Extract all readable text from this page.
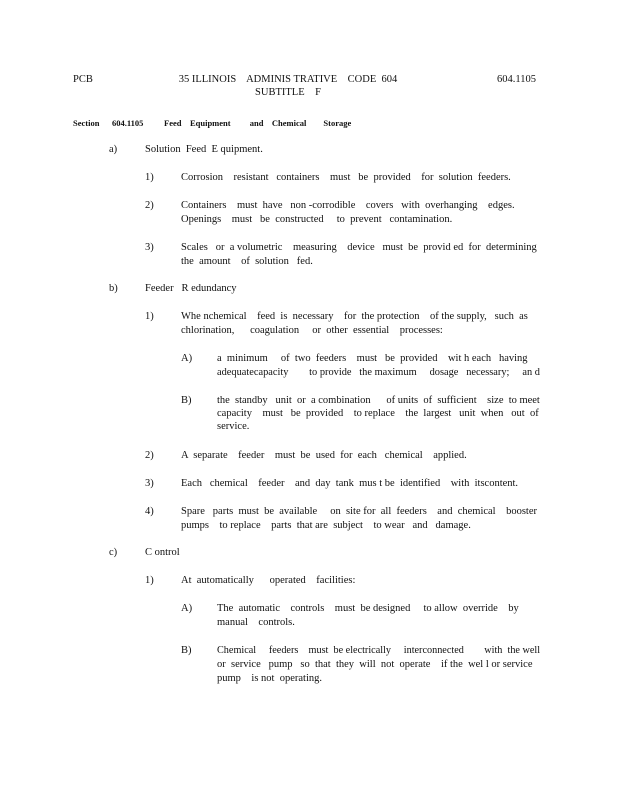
PCB	35 ILLINOIS    ADMINIS TRATIVE    CODE  604
SUBTITLE    F
604.1105
Section 604.1105 Feed    Equipment         and    Chemical        Storage
a)	Solution  Feed  E quipment.
1)	Corrosion    resistant   containers    must   be  provided    for  solution  feeders.
2)	Containers    must  have   non -corrodible    covers   with  overhanging    edges.
Openings    must   be  constructed     to  prevent   contamination.
3)	Scales   or  a volumetric    measuring    device   must  be  provid ed  for  determining
the  amount    of  solution   fed.
b)	Feeder   R edundancy
1)	Whe nchemical    feed  is  necessary    for  the protection    of the supply,   such  as
chlorination,      coagulation     or  other  essential    processes:
A) a  minimum     of  two  feeders    must   be  provided    wit h each   having
adequatecapacity        to provide   the maximum     dosage   necessary;     an d
B) the  standby   unit  or  a combination      of units  of  sufficient    size  to meet
capacity    must   be  provided    to replace    the  largest   unit  when   out  of
service.
2)	A  separate    feeder    must  be  used  for  each   chemical    applied.
3)	Each   chemical    feeder    and  day  tank  mus t be  identified    with  itscontent.
4)	Spare   parts  must  be  available     on  site for  all  feeders    and  chemical    booster
pumps    to replace    parts  that are  subject    to wear   and   damage.
c)	C ontrol
1)	At  automatically      operated    facilities:
A) The  automatic    controls    must  be designed     to allow  override    by
manual    controls.
B) Chemical     feeders    must  be electrically     interconnected        with  the well
or  service   pump   so  that  they  will  not  operate    if the  wel l or service
pump    is not  operating.
